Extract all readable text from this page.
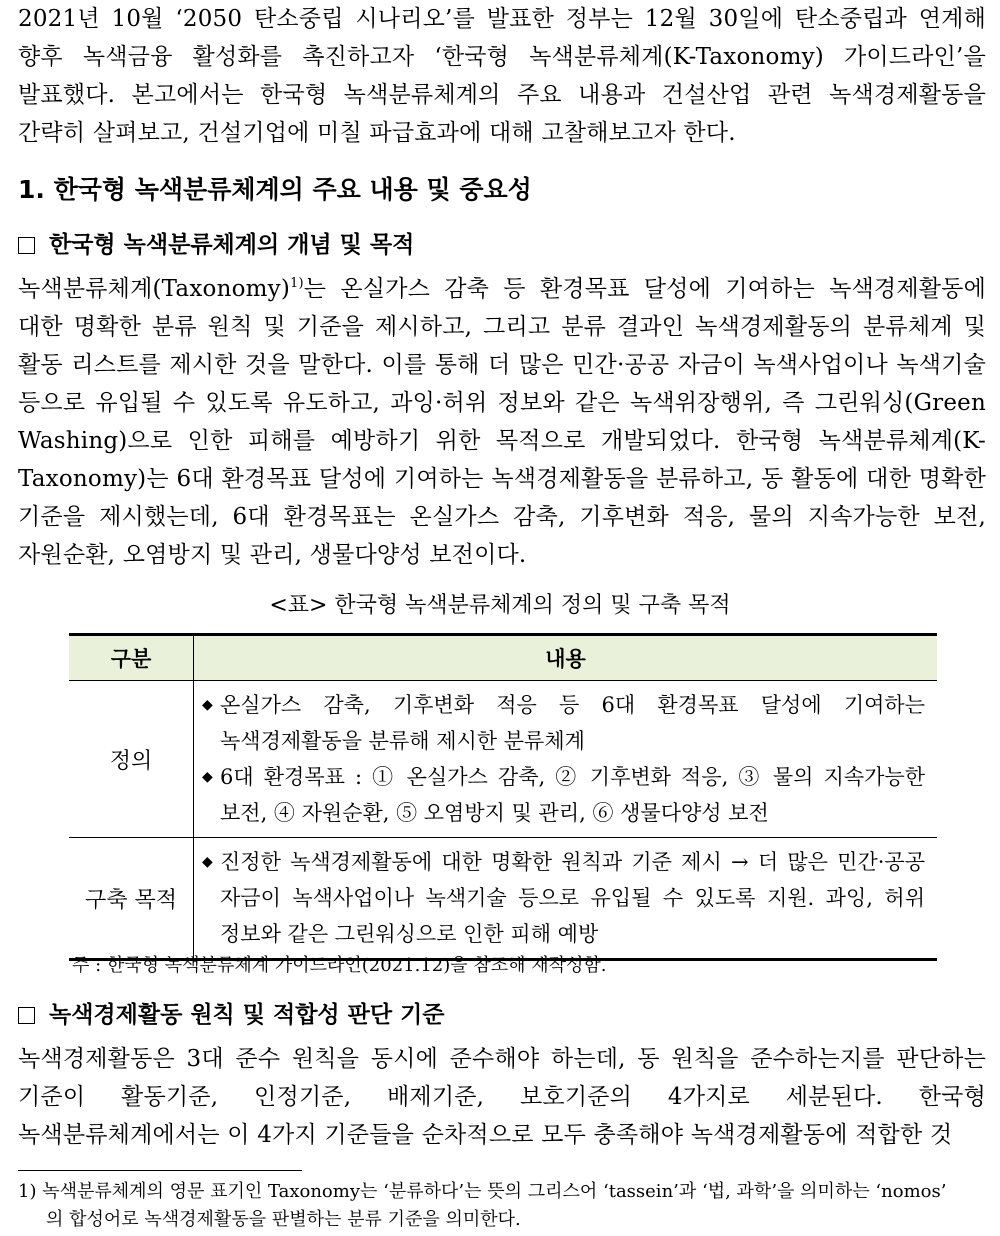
2021년 10월 ‘2050 탄소중립 시나리오’를 발표한 정부는 12월 30일에 탄소중립과 연계해 향후 녹색금융 활성화를 촉진하고자 ‘한국형 녹색분류체계(K-Taxonomy) 가이드라인’을 발표했다. 본고에서는 한국형 녹색분류체계의 주요 내용과 건설산업 관련 녹색경제활동을 간략히 살펴보고, 건설기업에 미칠 파급효과에 대해 고찰해보고자 한다.

1. 한국형 녹색분류체계의 주요 내용 및 중요성
한국형 녹색분류체계의 개념 및 목적

녹색분류체계(Taxonomy)$^{1)}$는 온실가스 감축 등 환경목표 달성에 기여하는 녹색경제활동에 대한 명확한 분류 원칙 및 기준을 제시하고, 그리고 분류 결과인 녹색경제활동의 분류체계 및 활동 리스트를 제시한 것을 말한다. 이를 통해 더 많은 민간·공공 자금이 녹색사업이나 녹색기술 등으로 유입될 수 있도록 유도하고, 과잉·허위 정보와 같은 녹색위장행위, 즉 그린워싱(Green Washing)으로 인한 피해를 예방하기 위한 목적으로 개발되었다. 한국형 녹색분류체계(K-Taxonomy)는 6대 환경목표 달성에 기여하는 녹색경제활동을 분류하고, 동 활동에 대한 명확한 기준을 제시했는데, 6대 환경목표는 온실가스 감축, 기후변화 적응, 물의 지속가능한 보전, 자원순환, 오염방지 및 관리, 생물다양성 보전이다.

<표> 한국형 녹색분류체계의 정의 및 구축 목적
구분	내용
정의	◆ 온실가스 감축, 기후변화 적응 등 6대 환경목표 달성에 기여하는 녹색경제활동을 분류해 제시한 분류체계
◆ 6대 환경목표 : ① 온실가스 감축, ② 기후변화 적응, ③ 물의 지속가능한 보전, ④ 자원순환, ⑤ 오염방지 및 관리, ⑥ 생물다양성 보전

구축 목적	◆ 진정한 녹색경제활동에 대한 명확한 원칙과 기준 제시 → 더 많은 민간·공공 자금이 녹색사업이나 녹색기술 등으로 유입될 수 있도록 지원. 과잉, 허위 정보와 같은 그린워싱으로 인한 피해 예방
주 : 한국형 녹색분류체계 가이드라인(2021.12)을 참조해 재작성함.
녹색경제활동 원칙 및 적합성 판단 기준

녹색경제활동은 3대 준수 원칙을 동시에 준수해야 하는데, 동 원칙을 준수하는지를 판단하는 기준이 활동기준, 인정기준, 배제기준, 보호기준의 4가지로 세분된다. 한국형 녹색분류체계에서는 이 4가지 기준들을 순차적으로 모두 충족해야 녹색경제활동에 적합한 것

1) 녹색분류체계의 영문 표기인 Taxonomy는 ‘분류하다’는 뜻의 그리스어 ‘tassein’과 ‘법, 과학’을 의미하는 ‘nomos’
의 합성어로 녹색경제활동을 판별하는 분류 기준을 의미한다.
